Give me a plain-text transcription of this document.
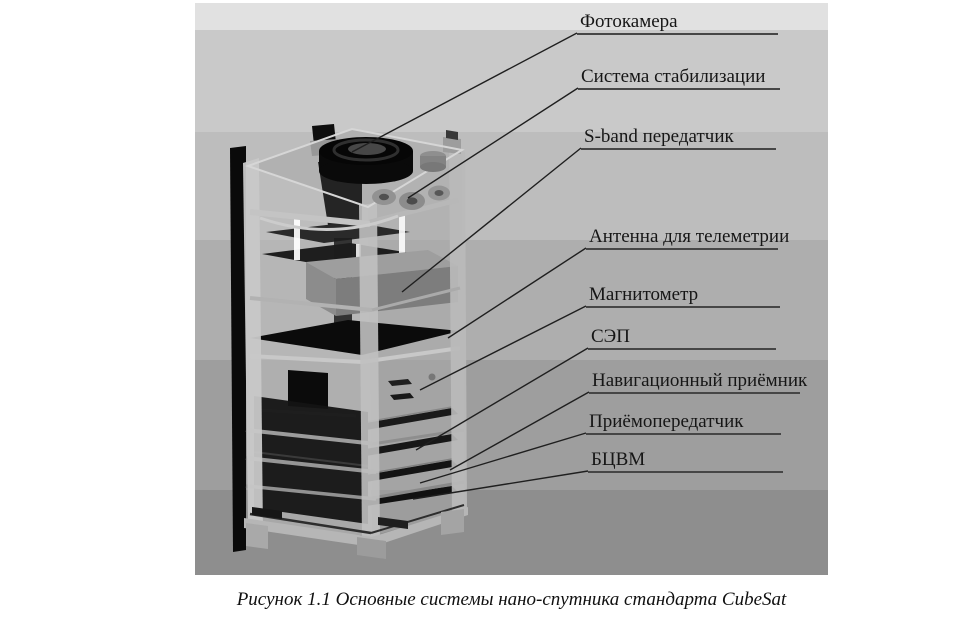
Фотокамера
Система стабилизации
S-band передатчик
Антенна для телеметрии
Магнитометр
СЭП
Навигационный приёмник
Приёмопередатчик
БЦВМ
Рисунок 1.1 Основные системы нано-спутника стандарта CubeSat
